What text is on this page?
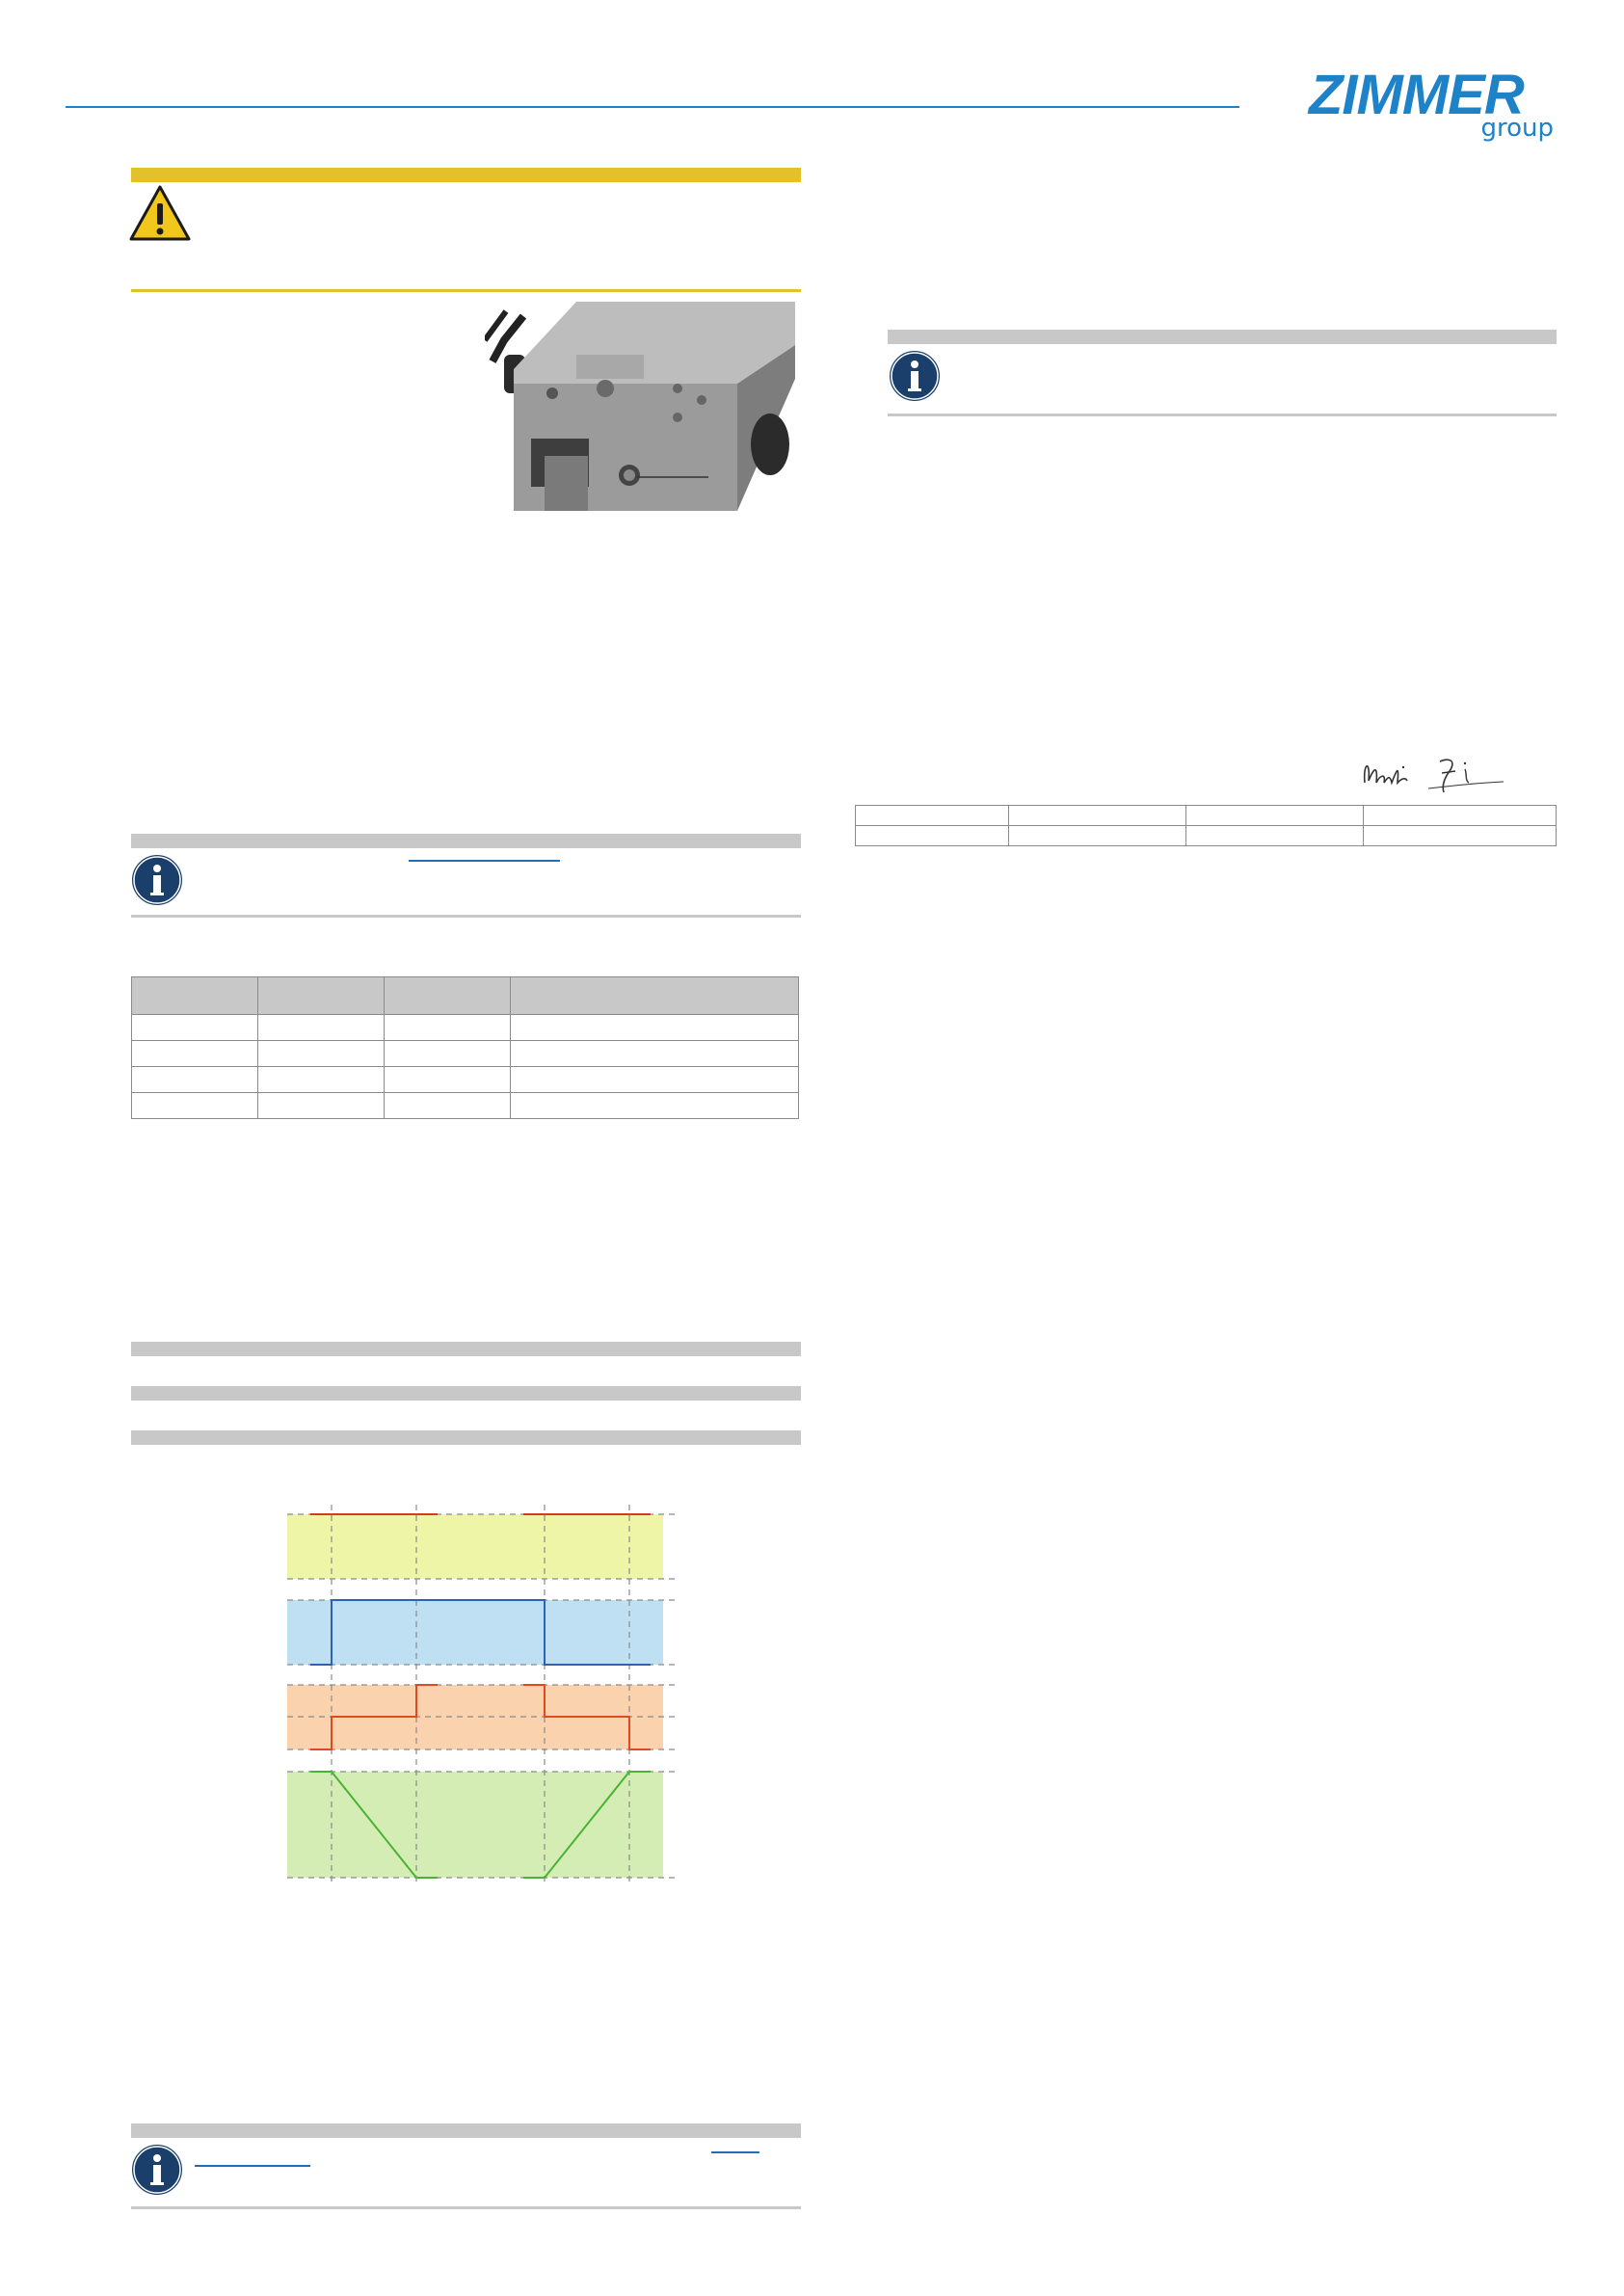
ZIMMER
group
